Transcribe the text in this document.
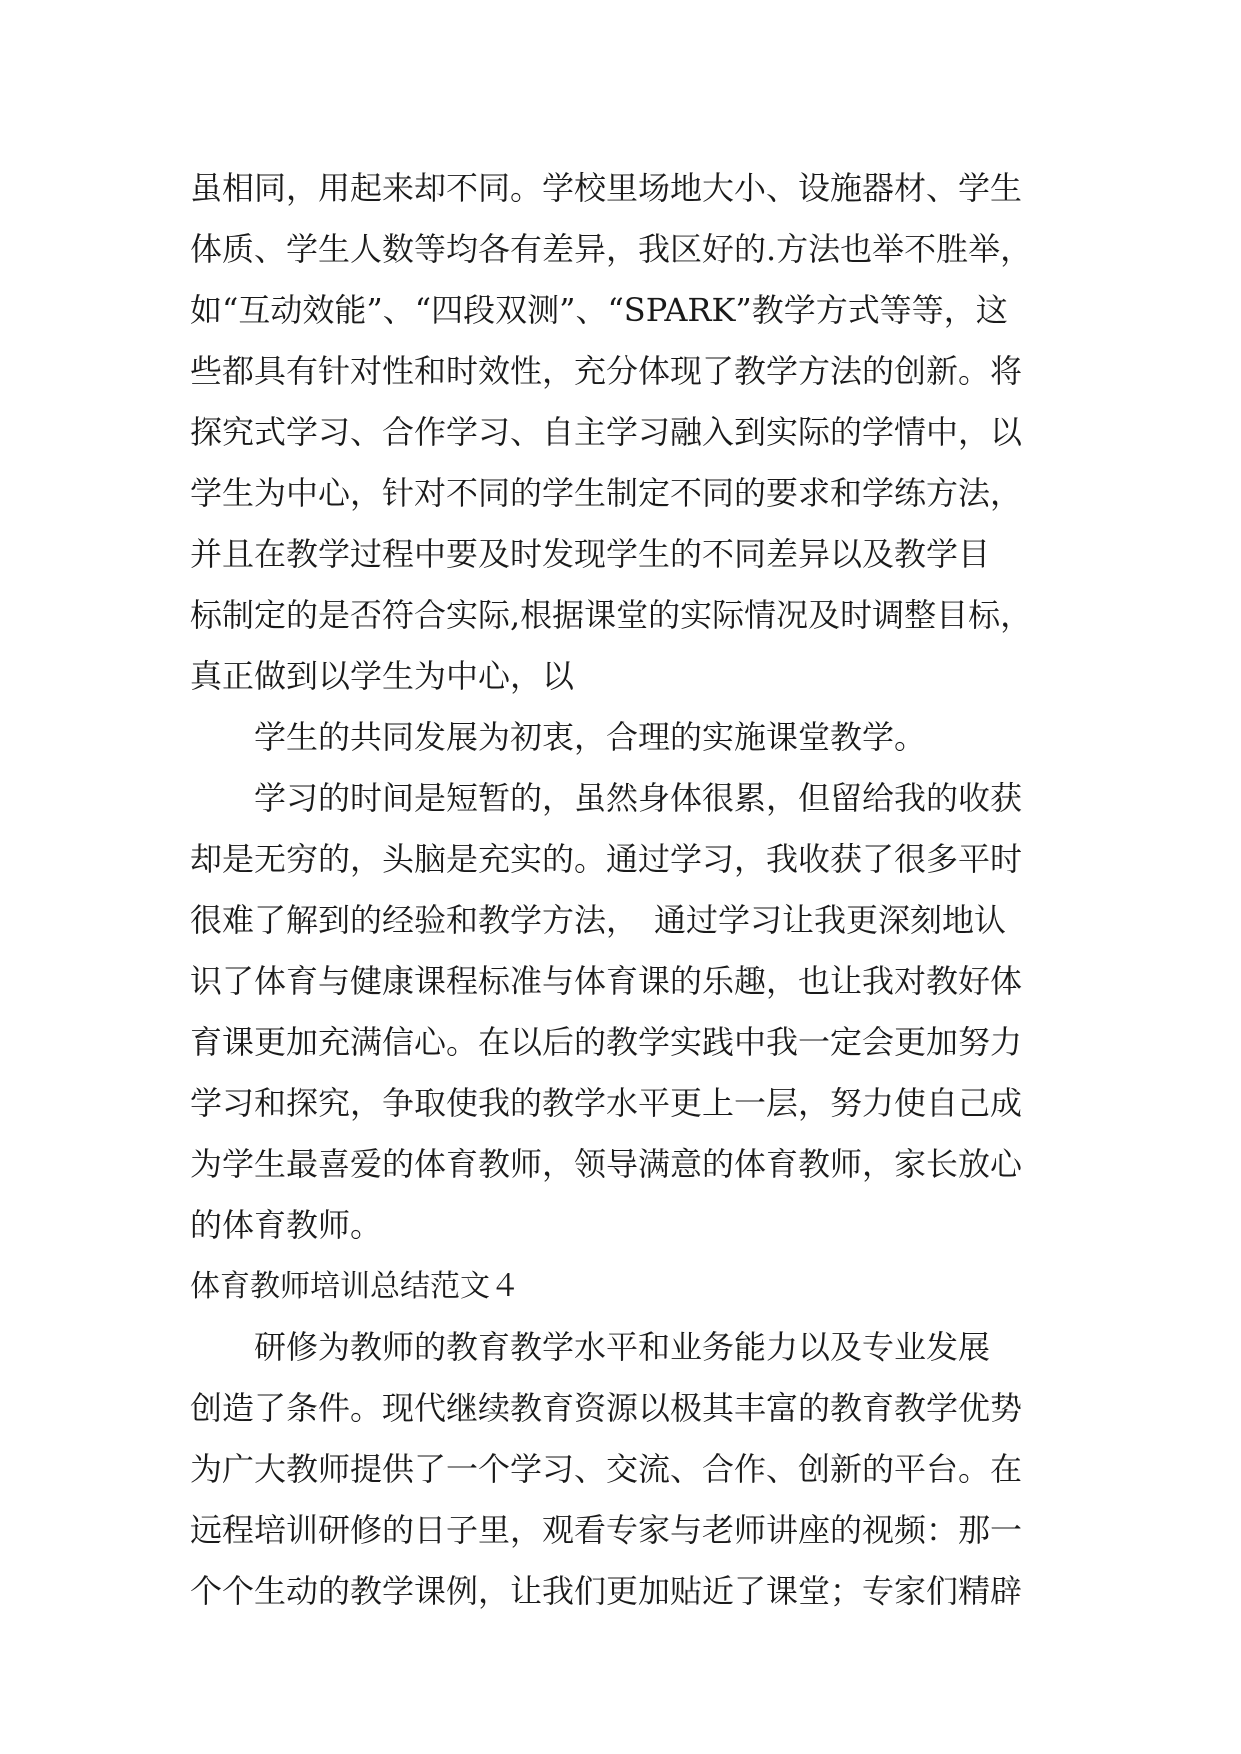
虽相同，用起来却不同。学校里场地大小、设施器材、学生
体质、学生人数等均各有差异，我区好的.方法也举不胜举，
如“互动效能”、“四段双测”、“SPARK”教学方式等等，这
些都具有针对性和时效性，充分体现了教学方法的创新。将
探究式学习、合作学习、自主学习融入到实际的学情中，以
学生为中心，针对不同的学生制定不同的要求和学练方法，
并且在教学过程中要及时发现学生的不同差异以及教学目
标制定的是否符合实际,根据课堂的实际情况及时调整目标，
真正做到以学生为中心，以
　　学生的共同发展为初衷，合理的实施课堂教学。
　　学习的时间是短暂的，虽然身体很累，但留给我的收获
却是无穷的，头脑是充实的。通过学习，我收获了很多平时
很难了解到的经验和教学方法，　通过学习让我更深刻地认
识了体育与健康课程标准与体育课的乐趣，也让我对教好体
育课更加充满信心。在以后的教学实践中我一定会更加努力
学习和探究，争取使我的教学水平更上一层，努力使自己成
为学生最喜爱的体育教师，领导满意的体育教师，家长放心
的体育教师。
体育教师培训总结范文４
　　研修为教师的教育教学水平和业务能力以及专业发展
创造了条件。现代继续教育资源以极其丰富的教育教学优势
为广大教师提供了一个学习、交流、合作、创新的平台。在
远程培训研修的日子里，观看专家与老师讲座的视频：那一
个个生动的教学课例，让我们更加贴近了课堂；专家们精辟
